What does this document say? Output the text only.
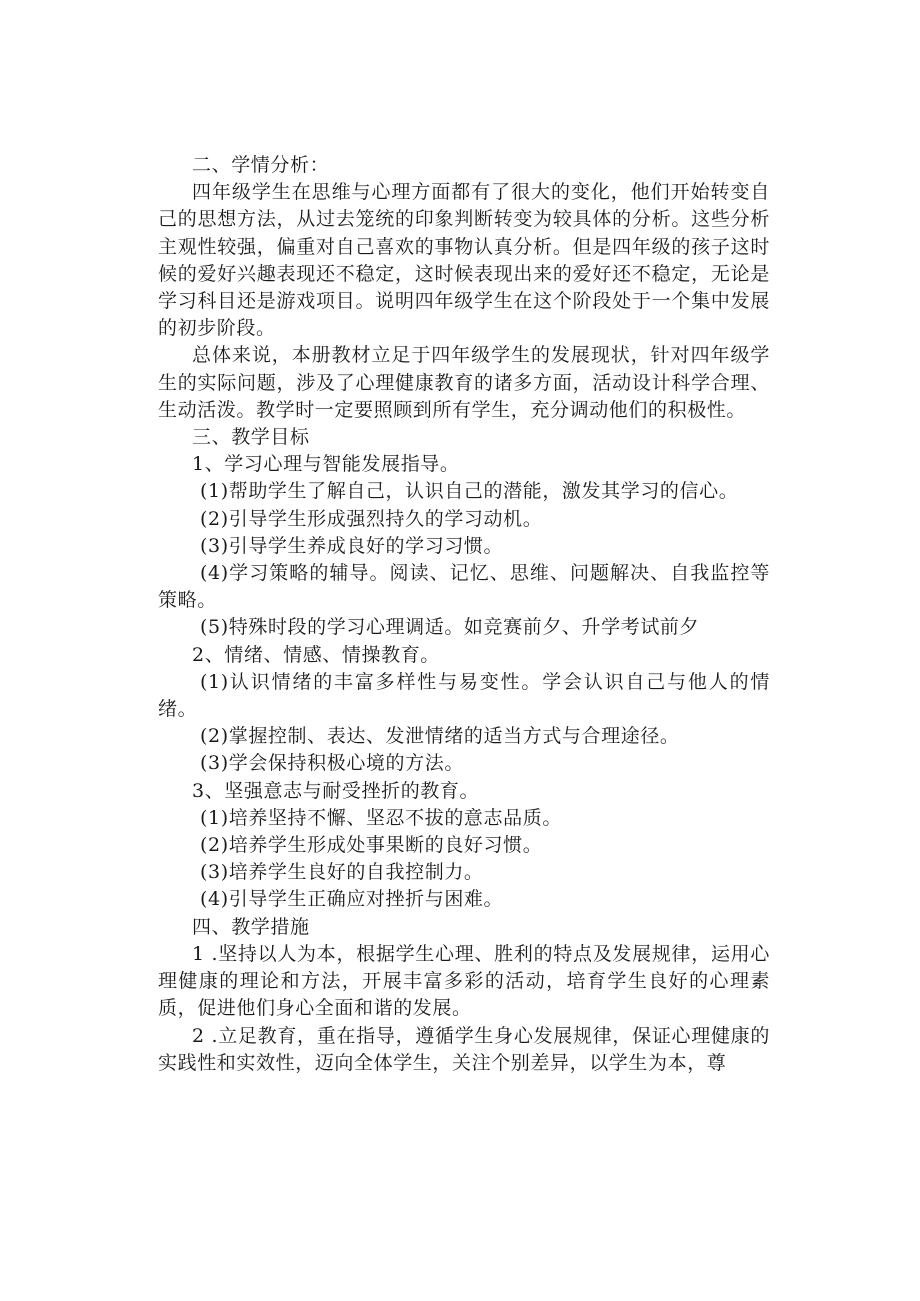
二、学情分析：

四年级学生在思维与心理方面都有了很大的变化，他们开始转变自己的思想方法，从过去笼统的印象判断转变为较具体的分析。这些分析主观性较强，偏重对自己喜欢的事物认真分析。但是四年级的孩子这时候的爱好兴趣表现还不稳定，这时候表现出来的爱好还不稳定，无论是学习科目还是游戏项目。说明四年级学生在这个阶段处于一个集中发展的初步阶段。

总体来说，本册教材立足于四年级学生的发展现状，针对四年级学生的实际问题，涉及了心理健康教育的诸多方面，活动设计科学合理、生动活泼。教学时一定要照顾到所有学生，充分调动他们的积极性。

三、教学目标

1、学习心理与智能发展指导。

(1)帮助学生了解自己，认识自己的潜能，激发其学习的信心。

(2)引导学生形成强烈持久的学习动机。

(3)引导学生养成良好的学习习惯。

(4)学习策略的辅导。阅读、记忆、思维、问题解决、自我监控等策略。

(5)特殊时段的学习心理调适。如竞赛前夕、升学考试前夕

2、情绪、情感、情操教育。

(1)认识情绪的丰富多样性与易变性。学会认识自己与他人的情绪。

(2)掌握控制、表达、发泄情绪的适当方式与合理途径。

(3)学会保持积极心境的方法。

3、坚强意志与耐受挫折的教育。

(1)培养坚持不懈、坚忍不拔的意志品质。

(2)培养学生形成处事果断的良好习惯。

(3)培养学生良好的自我控制力。

(4)引导学生正确应对挫折与困难。

四、教学措施

1 .坚持以人为本，根据学生心理、胜利的特点及发展规律，运用心理健康的理论和方法，开展丰富多彩的活动，培育学生良好的心理素质，促进他们身心全面和谐的发展。

2 .立足教育，重在指导，遵循学生身心发展规律，保证心理健康的实践性和实效性，迈向全体学生，关注个别差异，以学生为本，尊
